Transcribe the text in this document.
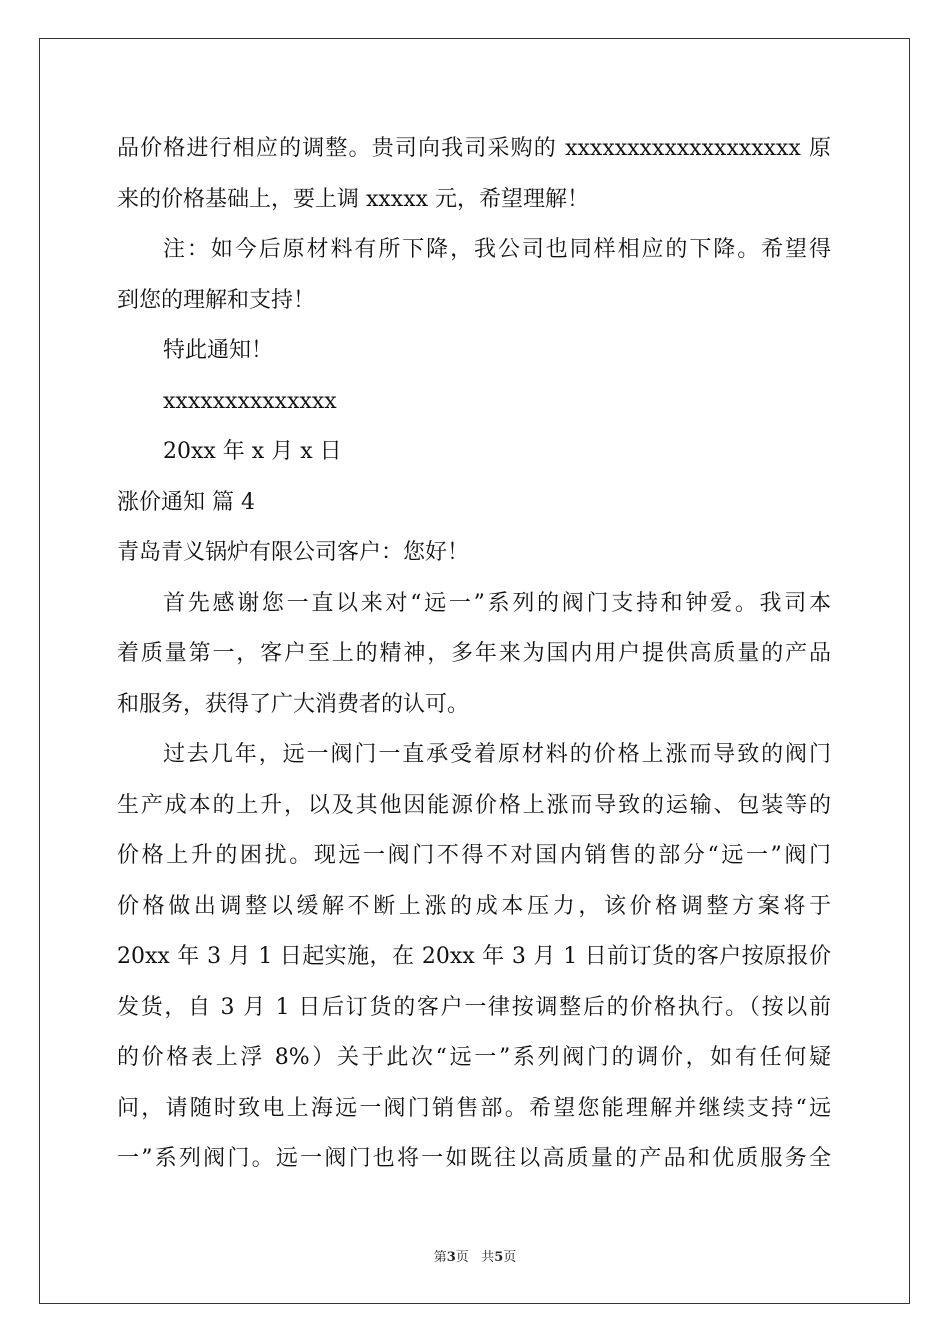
品价格进行相应的调整。贵司向我司采购的 xxxxxxxxxxxxxxxxxxx 原
来的价格基础上，要上调 xxxxx 元，希望理解！
注：如今后原材料有所下降，我公司也同样相应的下降。希望得
到您的理解和支持！
特此通知！
xxxxxxxxxxxxxx
20xx 年 x 月 x 日
涨价通知 篇 4
青岛青义锅炉有限公司客户：您好！
首先感谢您一直以来对“远一”系列的阀门支持和钟爱。我司本
着质量第一，客户至上的精神，多年来为国内用户提供高质量的产品
和服务，获得了广大消费者的认可。
过去几年，远一阀门一直承受着原材料的价格上涨而导致的阀门
生产成本的上升，以及其他因能源价格上涨而导致的运输、包装等的
价格上升的困扰。现远一阀门不得不对国内销售的部分“远一”阀门
价格做出调整以缓解不断上涨的成本压力，该价格调整方案将于
20xx 年 3 月 1 日起实施，在 20xx 年 3 月 1 日前订货的客户按原报价
发货，自 3 月 1 日后订货的客户一律按调整后的价格执行。（按以前
的价格表上浮 8%）关于此次“远一”系列阀门的调价，如有任何疑
问，请随时致电上海远一阀门销售部。希望您能理解并继续支持“远
一”系列阀门。远一阀门也将一如既往以高质量的产品和优质服务全
第3页 共5页
